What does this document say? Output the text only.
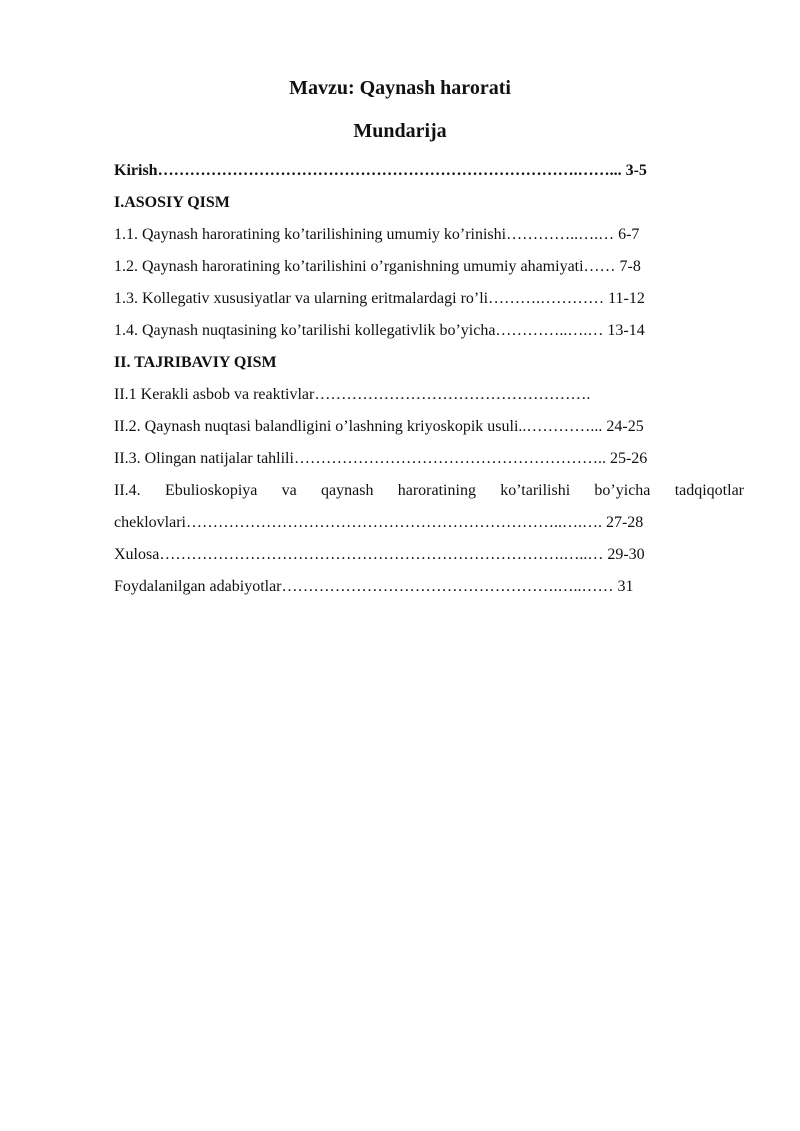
Mavzu: Qaynash harorati
Mundarija
Kirish…………………………………………………………………….……... 3-5
I.ASOSIY QISM
1.1. Qaynash haroratining ko’tarilishining umumiy ko’rinishi…………..….… 6-7
1.2. Qaynash haroratining ko’tarilishini o’rganishning umumiy ahamiyati…… 7-8
1.3. Kollegativ xususiyatlar va ularning eritmalardagi ro’li……….………… 11-12
1.4. Qaynash nuqtasining ko’tarilishi kollegativlik bo’yicha…………..….… 13-14
II. TAJRIBAVIY QISM
II.1 Kerakli asbob va reaktivlar…………………………………………….
II.2. Qaynash nuqtasi balandligini o’lashning kriyoskopik usuli..…………... 24-25
II.3. Olingan natijalar tahlili………………………………………………….. 25-26
II.4. Ebulioskopiya va qaynash haroratining ko’tarilishi bo’yicha tadqiqotlar
cheklovlari……………………………………………………………..….…. 27-28
Xulosa………………………………………………………………….…..… 29-30
Foydalanilgan adabiyotlar…………………………………………….…..…… 31
